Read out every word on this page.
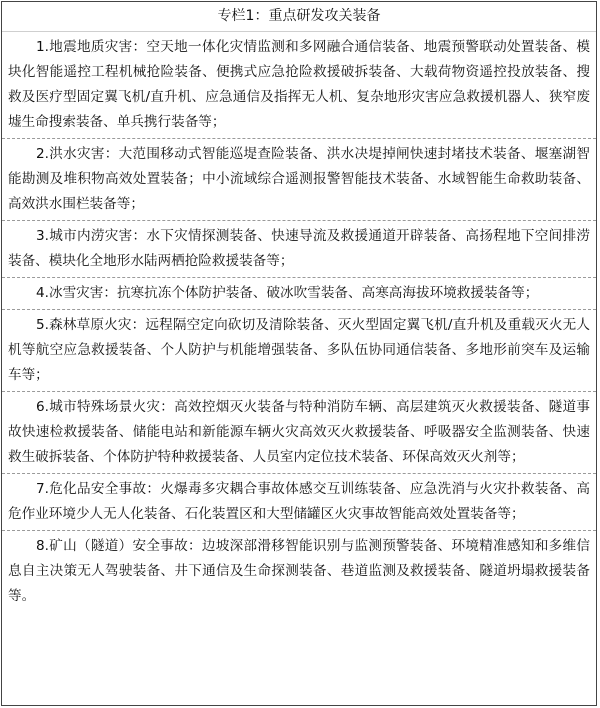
专栏1：重点研发攻关装备
1.地震地质灾害：空天地一体化灾情监测和多网融合通信装备、地震预警联动处置装备、模块化智能遥控工程机械抢险装备、便携式应急抢险救援破拆装备、大载荷物资遥控投放装备、搜救及医疗型固定翼飞机/直升机、应急通信及指挥无人机、复杂地形灾害应急救援机器人、狭窄废墟生命搜索装备、单兵携行装备等；
2.洪水灾害：大范围移动式智能巡堤查险装备、洪水决堤掉闸快速封堵技术装备、堰塞湖智能勘测及堆积物高效处置装备；中小流域综合遥测报警智能技术装备、水域智能生命救助装备、高效洪水围栏装备等；
3.城市内涝灾害：水下灾情探测装备、快速导流及救援通道开辟装备、高扬程地下空间排涝装备、模块化全地形水陆两栖抢险救援装备等；
4.冰雪灾害：抗寒抗冻个体防护装备、破冰吹雪装备、高寒高海拔环境救援装备等；
5.森林草原火灾：远程隔空定向砍切及清除装备、灭火型固定翼飞机/直升机及重载灭火无人机等航空应急救援装备、个人防护与机能增强装备、多队伍协同通信装备、多地形前突车及运输车等；
6.城市特殊场景火灾：高效控烟灭火装备与特种消防车辆、高层建筑灭火救援装备、隧道事故快速检救援装备、储能电站和新能源车辆火灾高效灭火救援装备、呼吸器安全监测装备、快速救生破拆装备、个体防护特种救援装备、人员室内定位技术装备、环保高效灭火剂等；
7.危化品安全事故：火爆毒多灾耦合事故体感交互训练装备、应急洗消与火灾扑救装备、高危作业环境少人无人化装备、石化装置区和大型储罐区火灾事故智能高效处置装备等；
8.矿山（隧道）安全事故：边坡深部滑移智能识别与监测预警装备、环境精准感知和多维信息自主决策无人驾驶装备、井下通信及生命探测装备、巷道监测及救援装备、隧道坍塌救援装备等。
